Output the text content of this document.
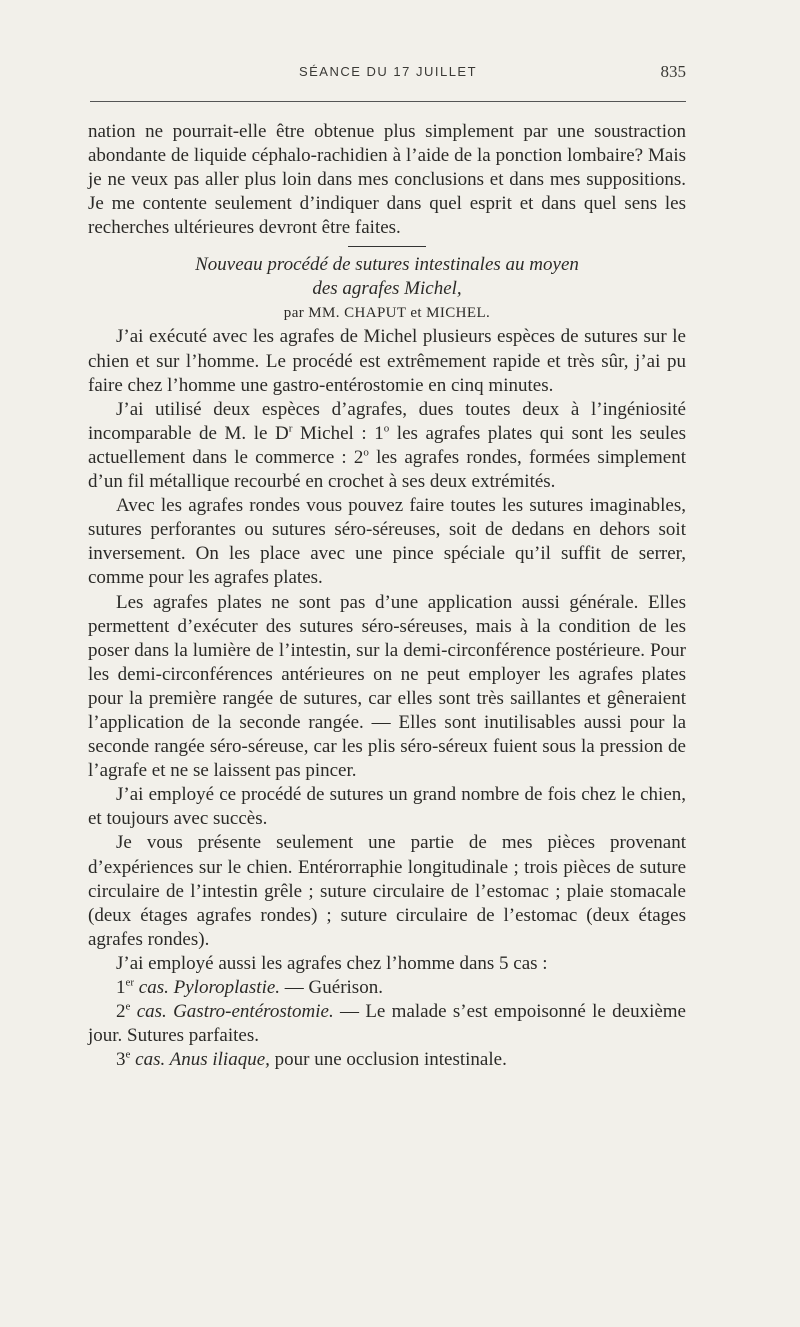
SÉANCE DU 17 JUILLET	835

nation ne pourrait-elle être obtenue plus simplement par une soustraction abondante de liquide céphalo-rachidien à l’aide de la ponction lombaire? Mais je ne veux pas aller plus loin dans mes conclusions et dans mes suppositions. Je me contente seulement d’indiquer dans quel esprit et dans quel sens les recherches ultérieures devront être faites.

Nouveau procédé de sutures intestinales au moyen

des agrafes Michel,

par MM. CHAPUT et MICHEL.

J’ai exécuté avec les agrafes de Michel plusieurs espèces de sutures sur le chien et sur l’homme. Le procédé est extrêmement rapide et très sûr, j’ai pu faire chez l’homme une gastro-entérostomie en cinq minutes.

J’ai utilisé deux espèces d’agrafes, dues toutes deux à l’ingéniosité incomparable de M. le $D^r$ Michel : 1$^o$ les agrafes plates qui sont les seules actuellement dans le commerce : 2$^o$ les agrafes rondes, formées simplement d’un fil métallique recourbé en crochet à ses deux extrémités.

Avec les agrafes rondes vous pouvez faire toutes les sutures imaginables, sutures perforantes ou sutures séro-séreuses, soit de dedans en dehors soit inversement. On les place avec une pince spéciale qu’il suffit de serrer, comme pour les agrafes plates.

Les agrafes plates ne sont pas d’une application aussi générale. Elles permettent d’exécuter des sutures séro-séreuses, mais à la condition de les poser dans la lumière de l’intestin, sur la demi-circonférence postérieure. Pour les demi-circonférences antérieures on ne peut employer les agrafes plates pour la première rangée de sutures, car elles sont très saillantes et gêneraient l’application de la seconde rangée. — Elles sont inutilisables aussi pour la seconde rangée séro-séreuse, car les plis séro-séreux fuient sous la pression de l’agrafe et ne se laissent pas pincer.

J’ai employé ce procédé de sutures un grand nombre de fois chez le chien, et toujours avec succès.

Je vous présente seulement une partie de mes pièces provenant d’expériences sur le chien. Entérorraphie longitudinale ; trois pièces de suture circulaire de l’intestin grêle ; suture circulaire de l’estomac ; plaie stomacale (deux étages agrafes rondes) ; suture circulaire de l’estomac (deux étages agrafes rondes).

J’ai employé aussi les agrafes chez l’homme dans 5 cas :

1er cas. Pyloroplastie. — Guérison.

2e cas. Gastro-entérostomie. — Le malade s’est empoisonné le deuxième jour. Sutures parfaites.

3e cas. Anus iliaque, pour une occlusion intestinale.
